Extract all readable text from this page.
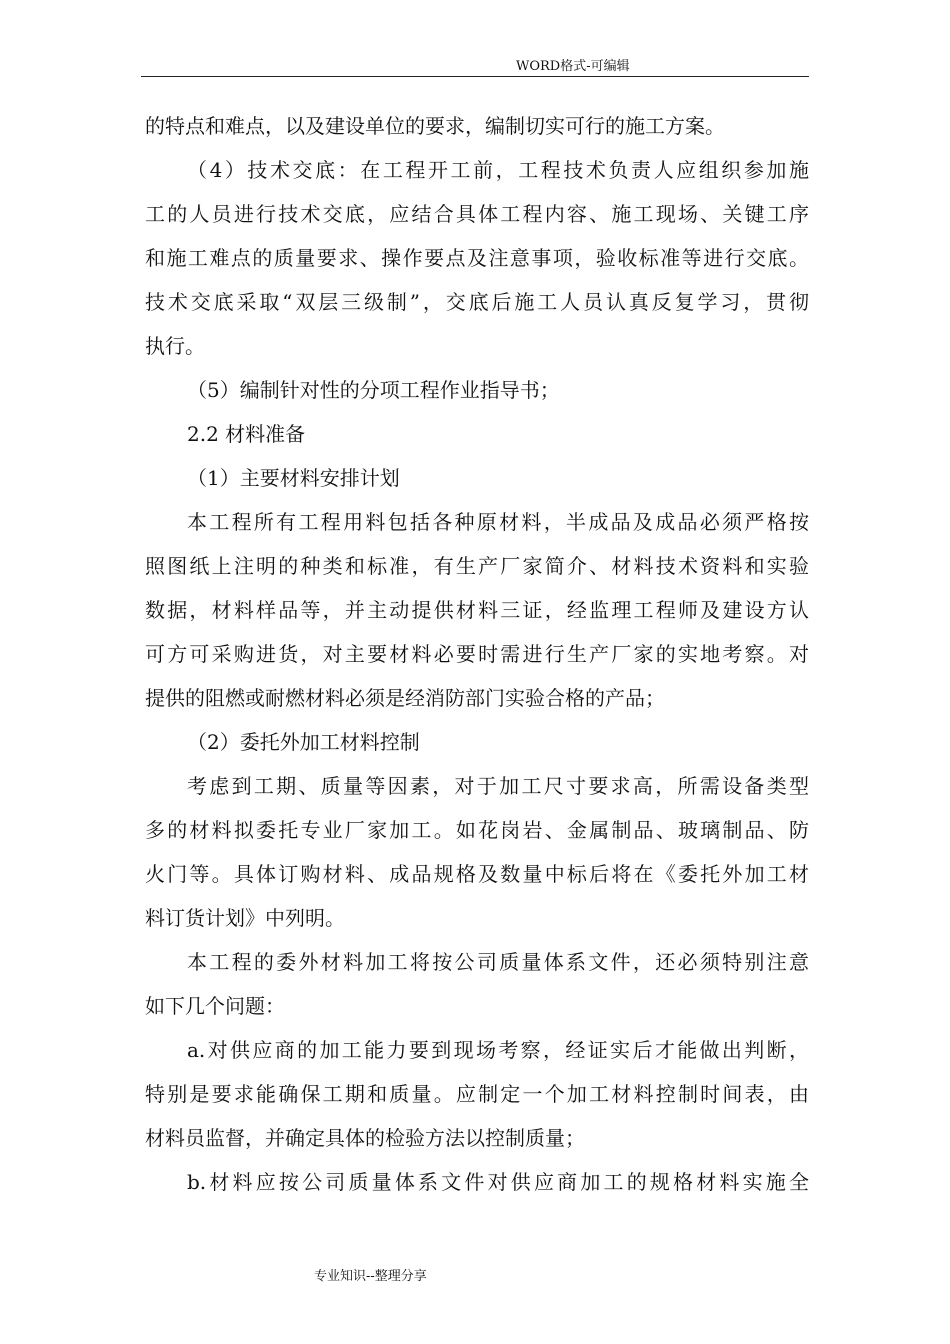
WORD格式-可编辑
的特点和难点，以及建设单位的要求，编制切实可行的施工方案。
（4）技术交底：在工程开工前，工程技术负责人应组织参加施
工的人员进行技术交底，应结合具体工程内容、施工现场、关键工序
和施工难点的质量要求、操作要点及注意事项，验收标准等进行交底。
技术交底采取“双层三级制”，交底后施工人员认真反复学习，贯彻
执行。
（5）编制针对性的分项工程作业指导书；
2.2 材料准备
（1）主要材料安排计划
本工程所有工程用料包括各种原材料，半成品及成品必须严格按
照图纸上注明的种类和标准，有生产厂家简介、材料技术资料和实验
数据，材料样品等，并主动提供材料三证，经监理工程师及建设方认
可方可采购进货，对主要材料必要时需进行生产厂家的实地考察。对
提供的阻燃或耐燃材料必须是经消防部门实验合格的产品；
（2）委托外加工材料控制
考虑到工期、质量等因素，对于加工尺寸要求高，所需设备类型
多的材料拟委托专业厂家加工。如花岗岩、金属制品、玻璃制品、防
火门等。具体订购材料、成品规格及数量中标后将在《委托外加工材
料订货计划》中列明。
本工程的委外材料加工将按公司质量体系文件，还必须特别注意
如下几个问题：
a.对供应商的加工能力要到现场考察，经证实后才能做出判断，
特别是要求能确保工期和质量。应制定一个加工材料控制时间表，由
材料员监督，并确定具体的检验方法以控制质量；
b.材料应按公司质量体系文件对供应商加工的规格材料实施全
专业知识--整理分享
